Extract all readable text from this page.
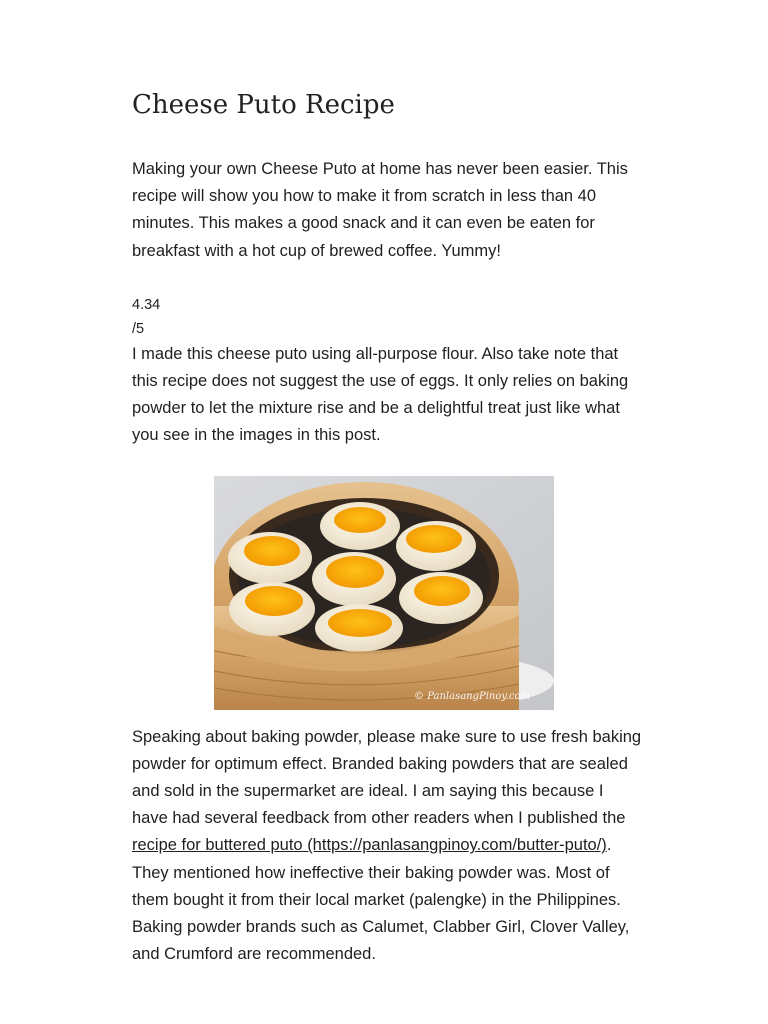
Cheese Puto Recipe

Making your own Cheese Puto at home has never been easier. This recipe will show you how to make it from scratch in less than 40 minutes. This makes a good snack and it can even be eaten for breakfast with a hot cup of brewed coffee. Yummy!

4.34
/5

I made this cheese puto using all-purpose flour. Also take note that this recipe does not suggest the use of eggs. It only relies on baking powder to let the mixture rise and be a delightful treat just like what you see in the images in this post.

© PanlasangPinoy.com

Speaking about baking powder, please make sure to use fresh baking powder for optimum effect. Branded baking powders that are sealed and sold in the supermarket are ideal. I am saying this because I have had several feedback from other readers when I published the recipe for buttered puto (https://panlasangpinoy.com/butter-puto/). They mentioned how ineffective their baking powder was. Most of them bought it from their local market (palengke) in the Philippines. Baking powder brands such as Calumet, Clabber Girl, Clover Valley, and Crumford are recommended.
